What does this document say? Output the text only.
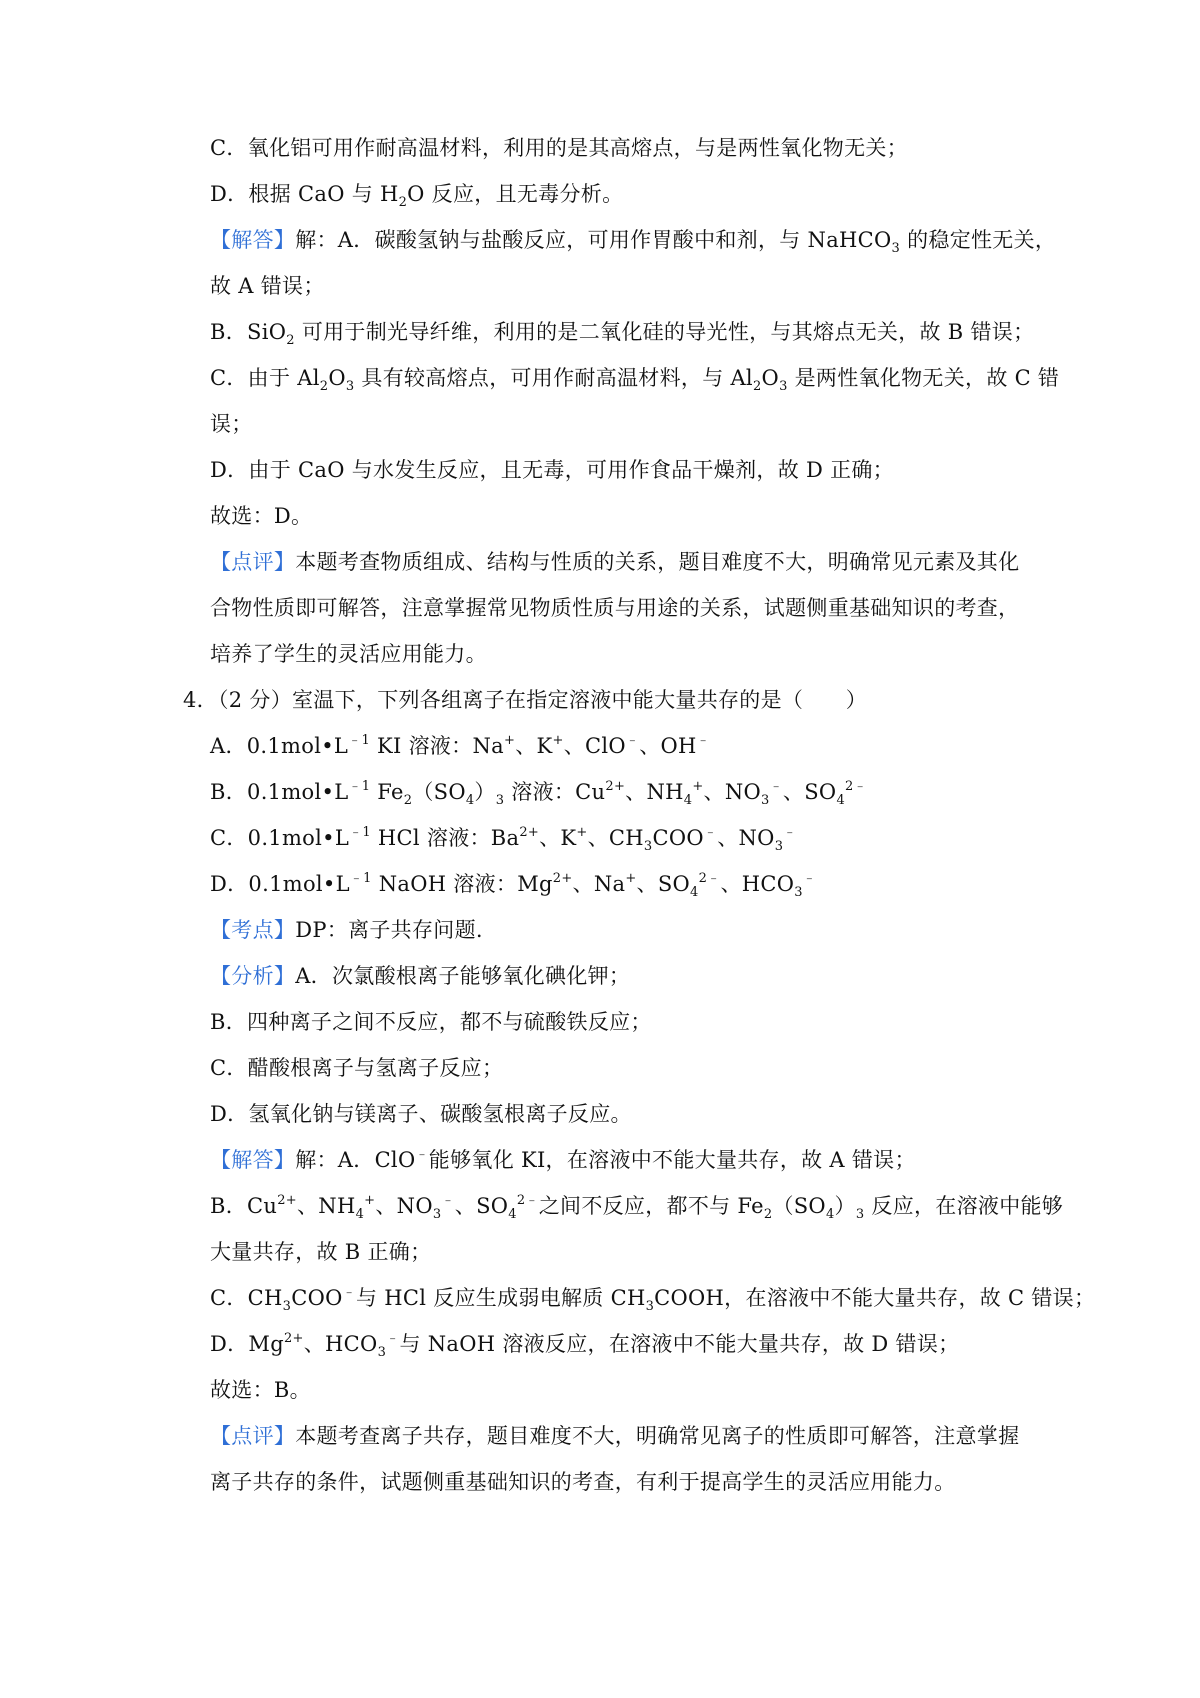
C．氧化铝可用作耐高温材料，利用的是其高熔点，与是两性氧化物无关；
D．根据 CaO 与 $H_2O$ 反应，且无毒分析。
【解答】解：A．碳酸氢钠与盐酸反应，可用作胃酸中和剂，与 NaHCO$_3$ 的稳定性无关，
故 A 错误；
B．SiO$_2$ 可用于制光导纤维，利用的是二氧化硅的导光性，与其熔点无关，故 B 错误；
C．由于 $Al_2O_3$ 具有较高熔点，可用作耐高温材料，与 $Al_2O_3$ 是两性氧化物无关，故 C 错
误；
D．由于 CaO 与水发生反应，且无毒，可用作食品干燥剂，故 D 正确；
故选：D。
【点评】本题考查物质组成、结构与性质的关系，题目难度不大，明确常见元素及其化
合物性质即可解答，注意掌握常见物质性质与用途的关系，试题侧重基础知识的考查，
培养了学生的灵活应用能力。
4．（2 分）室温下，下列各组离子在指定溶液中能大量共存的是（　　）
A．$0.1mol•L^{﹣1}$ KI 溶液：Na+、K+、ClO﹣、OH﹣
B．$0.1mol•L^{﹣1}$ $Fe_2(SO_4)_3$ 溶液：$Cu^{2+}$、$NH_4^+$、$NO_3^﹣$、$SO_4^{2﹣}$
C．$0.1mol•L^{﹣1}$ HCl 溶液：$Ba^{2+}$、K+、$CH_3COO^﹣$、$NO_3^﹣$
D．$0.1mol•L^{﹣1}$ NaOH 溶液：$Mg^{2+}$、Na+、$SO_4^{2﹣}$、$HCO_3^﹣$
【考点】DP：离子共存问题.
【分析】A．次氯酸根离子能够氧化碘化钾；
B．四种离子之间不反应，都不与硫酸铁反应；
C．醋酸根离子与氢离子反应；
D．氢氧化钠与镁离子、碳酸氢根离子反应。
【解答】解：A．ClO﹣能够氧化 KI，在溶液中不能大量共存，故 A 错误；
B．$Cu^{2+}$、$NH_4^+$、$NO_3^﹣$、$SO_4^{2﹣}$之间不反应，都不与 $Fe_2(SO_4)_3$ 反应，在溶液中能够
大量共存，故 B 正确；
C．$CH_3COO^﹣$与 HCl 反应生成弱电解质 $CH_3COOH$，在溶液中不能大量共存，故 C 错误；
D．$Mg^{2+}$、$HCO_3^﹣$与 NaOH 溶液反应，在溶液中不能大量共存，故 D 错误；
故选：B。
【点评】本题考查离子共存，题目难度不大，明确常见离子的性质即可解答，注意掌握
离子共存的条件，试题侧重基础知识的考查，有利于提高学生的灵活应用能力。
